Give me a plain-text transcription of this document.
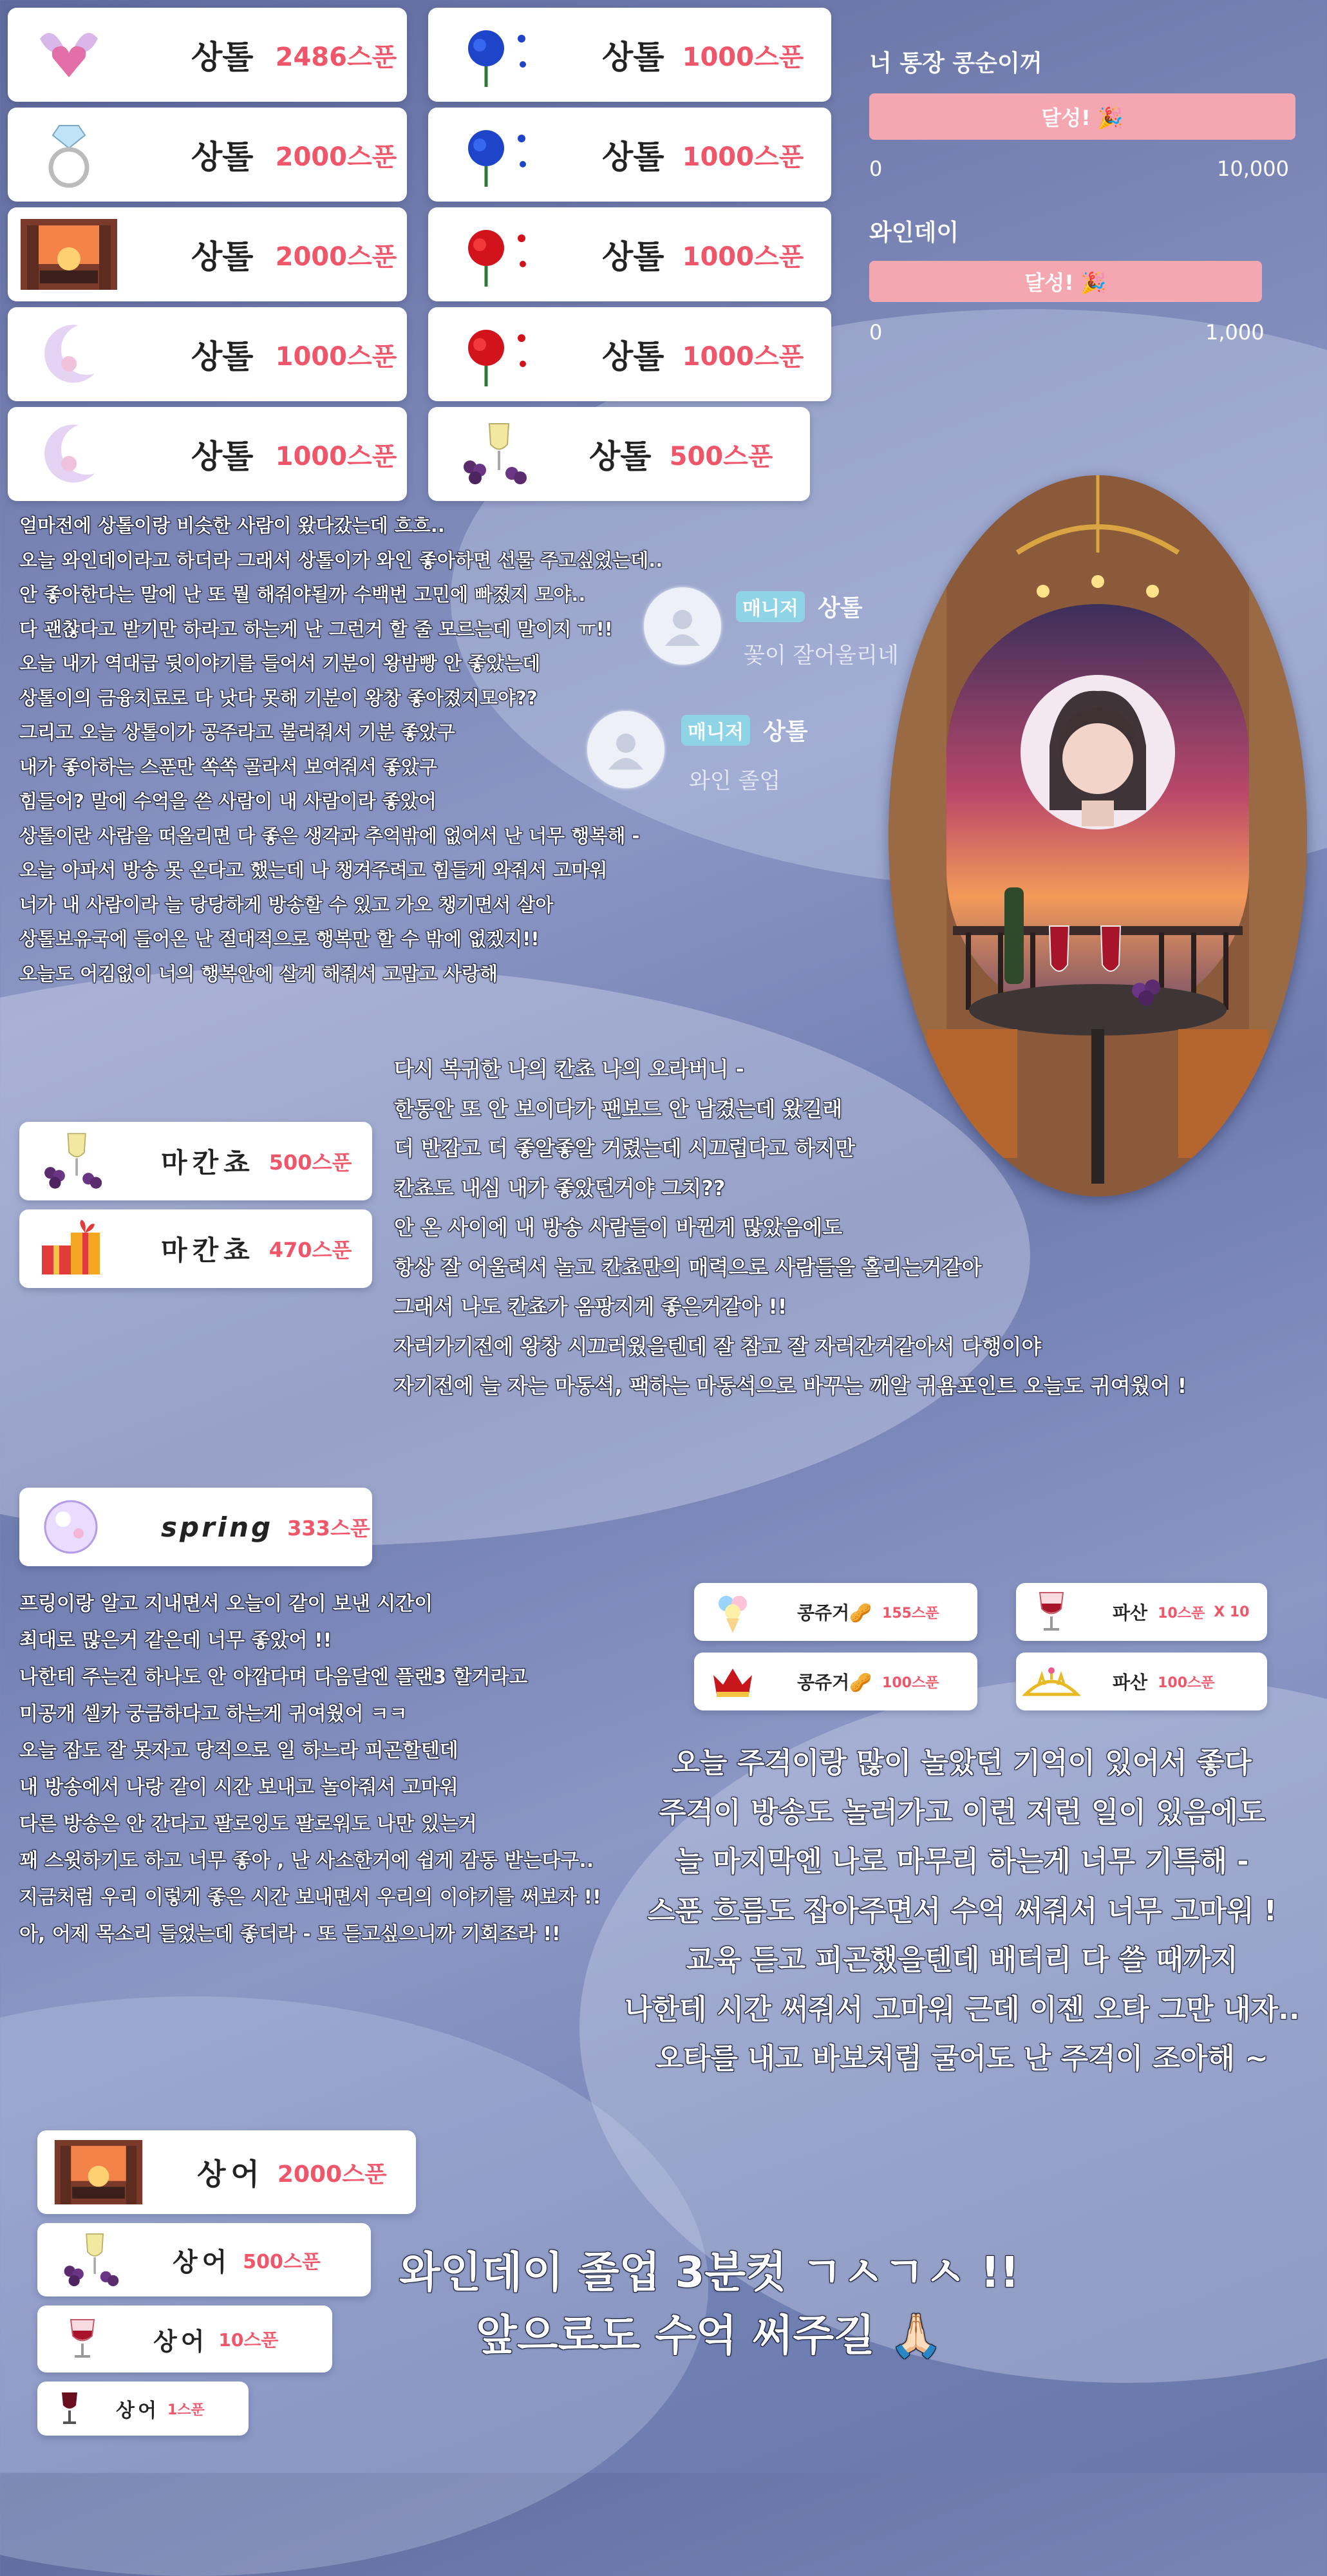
상톨 2486스푼
상톨 2000스푼
상톨 2000스푼
상톨 1000스푼
상톨 1000스푼
상톨 1000스푼
상톨 1000스푼
상톨 1000스푼
상톨 1000스푼
상톨 500스푼
너 통장 콩순이꺼
달성! 🎉
0	10,000
와인데이
달성! 🎉
0	1,000
얼마전에 상톨이랑 비슷한 사람이 왔다갔는데 흐흐..
오늘 와인데이라고 하더라 그래서 상톨이가 와인 좋아하면 선물 주고싶었는데..
안 좋아한다는 말에 난 또 뭘 해줘야될까 수백번 고민에 빠졌지 모야..
다 괜찮다고 받기만 하라고 하는게 난 그런거 할 줄 모르는데 말이지 ㅠ!!
오늘 내가 역대급 뒷이야기를 들어서 기분이 왕밤빵 안 좋았는데
상톨이의 금융치료로 다 낫다 못해 기분이 왕창 좋아졌지모야??
그리고 오늘 상톨이가 공주라고 불러줘서 기분 좋았구
내가 좋아하는 스푼만 쏙쏙 골라서 보여줘서 좋았구
힘들어? 말에 수억을 쓴 사람이 내 사람이라 좋았어
상톨이란 사람을 떠올리면 다 좋은 생각과 추억밖에 없어서 난 너무 행복해 -
오늘 아파서 방송 못 온다고 했는데 나 챙겨주려고 힘들게 와줘서 고마워
너가 내 사람이라 늘 당당하게 방송할 수 있고 가오 챙기면서 살아
상톨보유국에 들어온 난 절대적으로 행복만 할 수 밖에 없겠지!!
오늘도 어김없이 너의 행복안에 살게 해줘서 고맙고 사랑해
매니저 상톨
꽃이 잘어울리네
매니저 상톨
와인 졸업
마칸쵸 500스푼
마칸쵸 470스푼
다시 복귀한 나의 칸쵸 나의 오라버니 -
한동안 또 안 보이다가 팬보드 안 남겼는데 왔길래
더 반갑고 더 좋알좋알 거렸는데 시끄럽다고 하지만
칸쵸도 내심 내가 좋았던거야 그치??
안 온 사이에 내 방송 사람들이 바뀐게 많았음에도
항상 잘 어울려서 놀고 칸쵸만의 매력으로 사람들을 홀리는거같아
그래서 나도 칸쵸가 옴팡지게 좋은거같아 !!
자러가기전에 왕창 시끄러웠을텐데 잘 참고 잘 자러간거같아서 다행이야
자기전에 늘 자는 마동석, 팩하는 마동석으로 바꾸는 깨알 귀욤포인트 오늘도 귀여웠어 !
spring 333스푼
프링이랑 알고 지내면서 오늘이 같이 보낸 시간이
최대로 많은거 같은데 너무 좋았어 !!
나한테 주는건 하나도 안 아깝다며 다음달엔 플랜3 할거라고
미공개 셀카 궁금하다고 하는게 귀여웠어 ㅋㅋ
오늘 잠도 잘 못자고 당직으로 일 하느라 피곤할텐데
내 방송에서 나랑 같이 시간 보내고 놀아줘서 고마워
다른 방송은 안 간다고 팔로잉도 팔로워도 나만 있는거
꽤 스윗하기도 하고 너무 좋아 , 난 사소한거에 쉽게 감동 받는다구..
지금처럼 우리 이렇게 좋은 시간 보내면서 우리의 이야기를 써보자 !!
아, 어제 목소리 들었는데 좋더라 - 또 듣고싶으니까 기회조라 !!
콩쥬거🥜 155스푼	파산 10스푼 X 10
콩쥬거🥜 100스푼	파산 100스푼
오늘 주걱이랑 많이 놀았던 기억이 있어서 좋다
주걱이 방송도 놀러가고 이런 저런 일이 있음에도
늘 마지막엔 나로 마무리 하는게 너무 기특해 -
스푼 흐름도 잡아주면서 수억 써줘서 너무 고마워 !
교육 듣고 피곤했을텐데 배터리 다 쓸 때까지
나한테 시간 써줘서 고마워 근데 이젠 오타 그만 내자..
오타를 내고 바보처럼 굴어도 난 주걱이 조아해 ~
상어 2000스푼
상어 500스푼
상어 10스푼
상어 1스푼
와인데이 졸업 3분컷 ㄱㅅㄱㅅ !!
앞으로도 수억 써주길 🙏🏻
